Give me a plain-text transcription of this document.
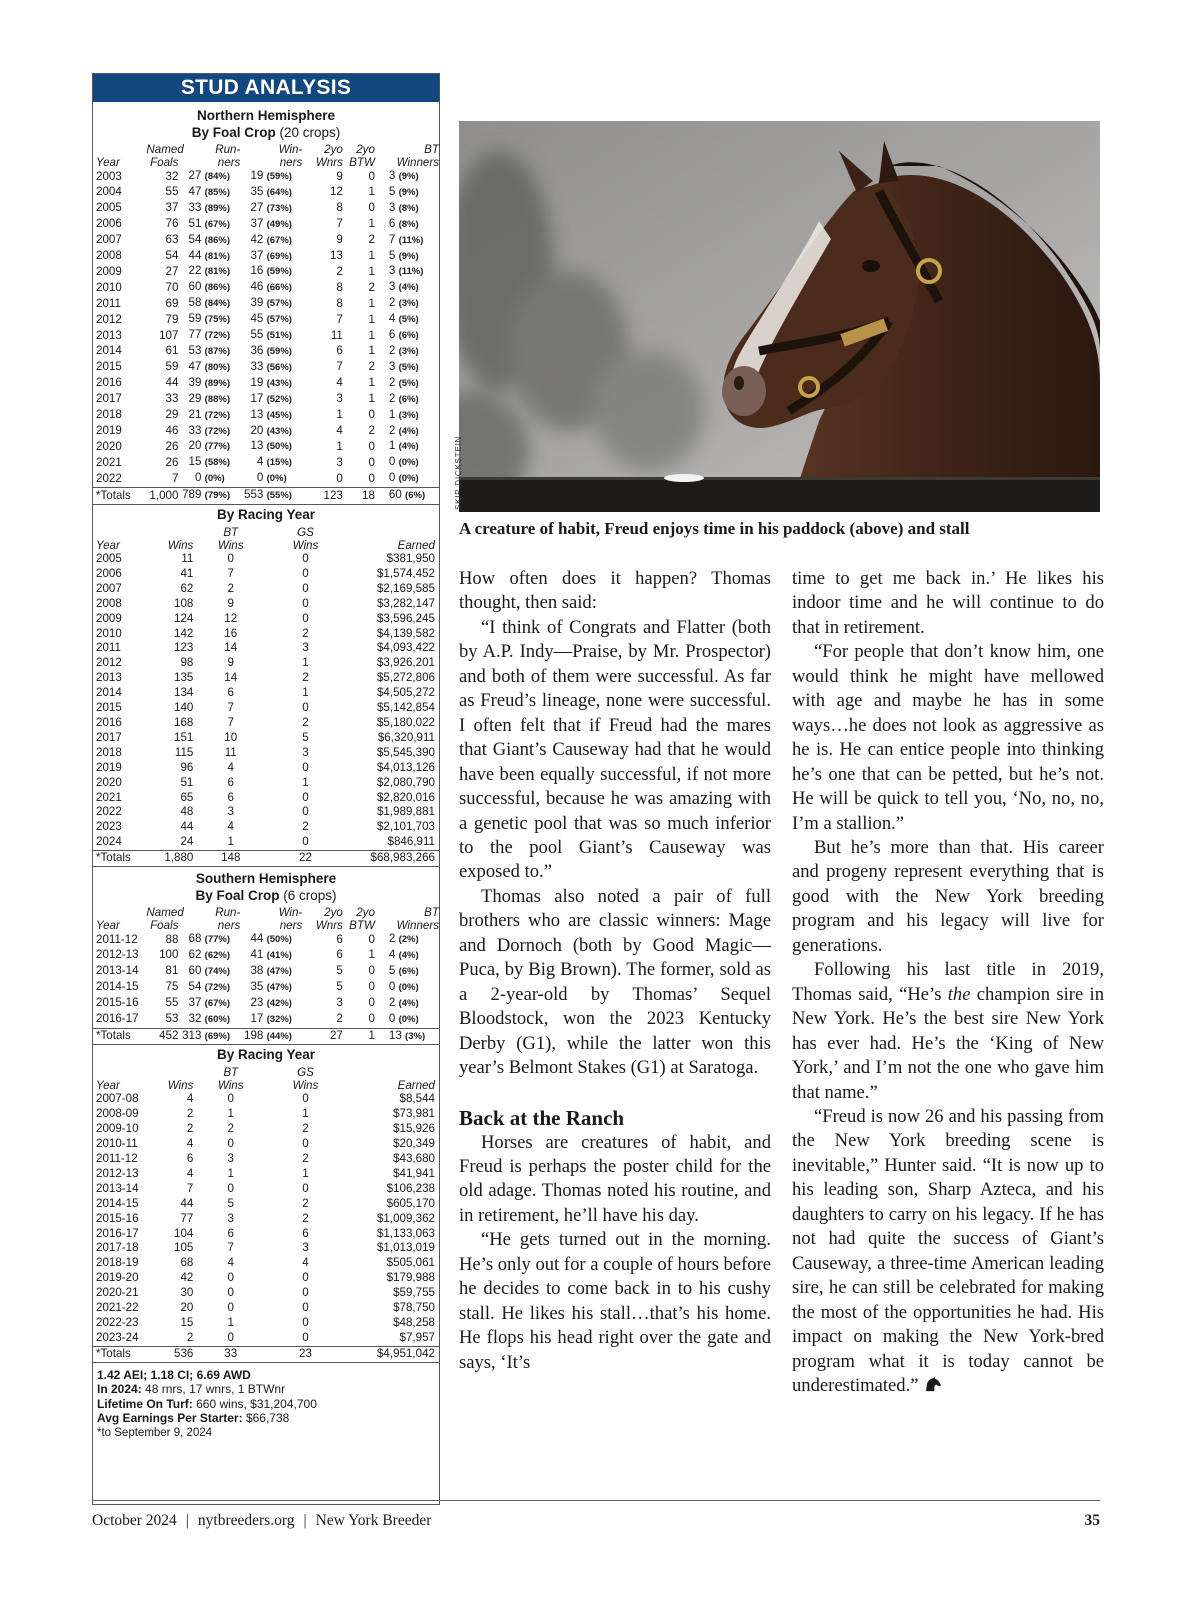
STUD ANALYSIS
Northern Hemisphere
By Foal Crop (20 crops)
	Named	Run-	Win-	2yo	2yo	BT
Year	Foals	ners	ners	Wnrs	BTW	Winners
2003	32	27 (84%)	19 (59%)	9	0	3 (9%)
2004	55	47 (85%)	35 (64%)	12	1	5 (9%)
2005	37	33 (89%)	27 (73%)	8	0	3 (8%)
2006	76	51 (67%)	37 (49%)	7	1	6 (8%)
2007	63	54 (86%)	42 (67%)	9	2	7 (11%)
2008	54	44 (81%)	37 (69%)	13	1	5 (9%)
2009	27	22 (81%)	16 (59%)	2	1	3 (11%)
2010	70	60 (86%)	46 (66%)	8	2	3 (4%)
2011	69	58 (84%)	39 (57%)	8	1	2 (3%)
2012	79	59 (75%)	45 (57%)	7	1	4 (5%)
2013	107	77 (72%)	55 (51%)	11	1	6 (6%)
2014	61	53 (87%)	36 (59%)	6	1	2 (3%)
2015	59	47 (80%)	33 (56%)	7	2	3 (5%)
2016	44	39 (89%)	19 (43%)	4	1	2 (5%)
2017	33	29 (88%)	17 (52%)	3	1	2 (6%)
2018	29	21 (72%)	13 (45%)	1	0	1 (3%)
2019	46	33 (72%)	20 (43%)	4	2	2 (4%)
2020	26	20 (77%)	13 (50%)	1	0	1 (4%)
2021	26	15 (58%)	4 (15%)	3	0	0 (0%)
2022	7	0 (0%)	0 (0%)	0	0	0 (0%)
*Totals	1,000	789 (79%)	553 (55%)	123	18	60 (6%)
By Racing Year
		BT	GS	
Year	Wins	Wins	Wins	Earned
2005	11	0	0	$381,950
2006	41	7	0	$1,574,452
2007	62	2	0	$2,169,585
2008	108	9	0	$3,282,147
2009	124	12	0	$3,596,245
2010	142	16	2	$4,139,582
2011	123	14	3	$4,093,422
2012	98	9	1	$3,926,201
2013	135	14	2	$5,272,806
2014	134	6	1	$4,505,272
2015	140	7	0	$5,142,854
2016	168	7	2	$5,180,022
2017	151	10	5	$6,320,911
2018	115	11	3	$5,545,390
2019	96	4	0	$4,013,126
2020	51	6	1	$2,080,790
2021	65	6	0	$2,820,016
2022	48	3	0	$1,989,881
2023	44	4	2	$2,101,703
2024	24	1	0	$846,911
*Totals	1,880	148	22	$68,983,266
Southern Hemisphere
By Foal Crop (6 crops)
	Named	Run-	Win-	2yo	2yo	BT
Year	Foals	ners	ners	Wnrs	BTW	Winners
2011-12	88	68 (77%)	44 (50%)	6	0	2 (2%)
2012-13	100	62 (62%)	41 (41%)	6	1	4 (4%)
2013-14	81	60 (74%)	38 (47%)	5	0	5 (6%)
2014-15	75	54 (72%)	35 (47%)	5	0	0 (0%)
2015-16	55	37 (67%)	23 (42%)	3	0	2 (4%)
2016-17	53	32 (60%)	17 (32%)	2	0	0 (0%)
*Totals	452	313 (69%)	198 (44%)	27	1	13 (3%)
By Racing Year
		BT	GS	
Year	Wins	Wins	Wins	Earned
2007-08	4	0	0	$8,544
2008-09	2	1	1	$73,981
2009-10	2	2	2	$15,926
2010-11	4	0	0	$20,349
2011-12	6	3	2	$43,680
2012-13	4	1	1	$41,941
2013-14	7	0	0	$106,238
2014-15	44	5	2	$605,170
2015-16	77	3	2	$1,009,362
2016-17	104	6	6	$1,133,063
2017-18	105	7	3	$1,013,019
2018-19	68	4	4	$505,061
2019-20	42	0	0	$179,988
2020-21	30	0	0	$59,755
2021-22	20	0	0	$78,750
2022-23	15	1	0	$48,258
2023-24	2	0	0	$7,957
*Totals	536	33	23	$4,951,042
1.42 AEI; 1.18 CI; 6.69 AWD
In 2024: 48 rnrs, 17 wnrs, 1 BTWnr
Lifetime On Turf: 660 wins, $31,204,700
Avg Earnings Per Starter: $66,738
*to September 9, 2024
SKIP DICKSTEIN
A creature of habit, Freud enjoys time in his paddock (above) and stall

How often does it happen? Thomas thought, then said:

“I think of Congrats and Flatter (both by A.P. Indy—Praise, by Mr. Prospector) and both of them were successful. As far as Freud’s lineage, none were successful. I often felt that if Freud had the mares that Giant’s Causeway had that he would have been equally successful, if not more successful, because he was amazing with a genetic pool that was so much inferior to the pool Giant’s Causeway was exposed to.”

Thomas also noted a pair of full brothers who are classic winners: Mage and Dornoch (both by Good Magic—Puca, by Big Brown). The former, sold as a 2-year-old by Thomas’ Sequel Bloodstock, won the 2023 Kentucky Derby (G1), while the latter won this year’s Belmont Stakes (G1) at Saratoga.

Back at the Ranch

Horses are creatures of habit, and Freud is perhaps the poster child for the old adage. Thomas noted his routine, and in retirement, he’ll have his day.

“He gets turned out in the morning. He’s only out for a couple of hours before he decides to come back in to his cushy stall. He likes his stall…that’s his home. He flops his head right over the gate and says, ‘It’s

time to get me back in.’ He likes his indoor time and he will continue to do that in retirement.

“For people that don’t know him, one would think he might have mellowed with age and maybe he has in some ways…he does not look as aggressive as he is. He can entice people into thinking he’s one that can be petted, but he’s not. He will be quick to tell you, ‘No, no, no, I’m a stallion.”

But he’s more than that. His career and progeny represent everything that is good with the New York breeding program and his legacy will live for generations.

Following his last title in 2019, Thomas said, “He’s the champion sire in New York. He’s the best sire New York has ever had. He’s the ‘King of New York,’ and I’m not the one who gave him that name.”

“Freud is now 26 and his passing from the New York breeding scene is inevitable,” Hunter said. “It is now up to his leading son, Sharp Azteca, and his daughters to carry on his legacy. If he has not had quite the success of Giant’s Causeway, a three-time American leading sire, he can still be celebrated for making the most of the opportunities he had. His impact on making the New York-bred program what it is today cannot be underestimated.”

October 2024 | nytbreeders.org | New York Breeder	35
